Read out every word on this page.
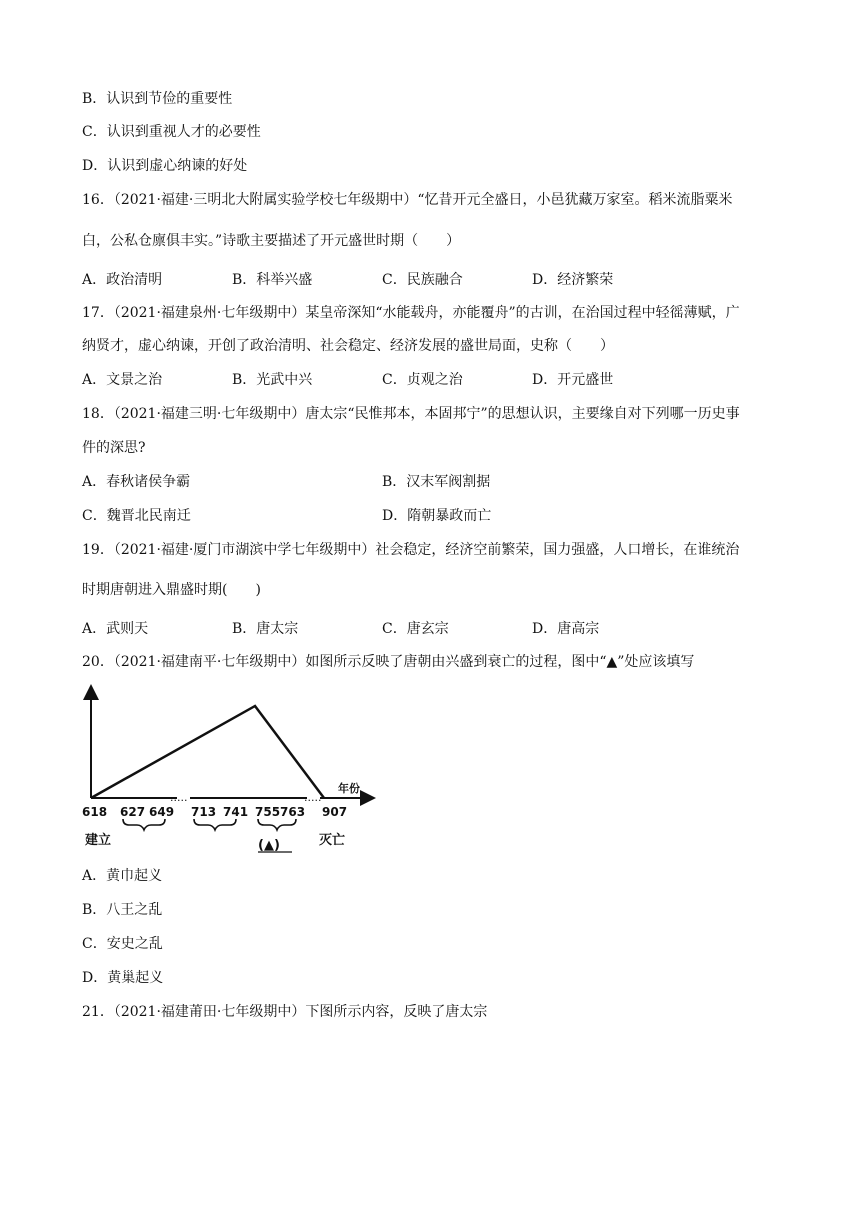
B．认识到节俭的重要性
C．认识到重视人才的必要性
D．认识到虚心纳谏的好处
16．（2021·福建·三明北大附属实验学校七年级期中）“忆昔开元全盛日，小邑犹藏万家室。稻米流脂粟米
白，公私仓廪俱丰实。”诗歌主要描述了开元盛世时期（　　）
A．政治清明	B．科举兴盛	C．民族融合	D．经济繁荣
17．（2021·福建泉州·七年级期中）某皇帝深知“水能载舟，亦能覆舟”的古训，在治国过程中轻徭薄赋，广
纳贤才，虚心纳谏，开创了政治清明、社会稳定、经济发展的盛世局面，史称（　　）
A．文景之治	B．光武中兴	C．贞观之治	D．开元盛世
18．（2021·福建三明·七年级期中）唐太宗“民惟邦本，本固邦宁”的思想认识，主要缘自对下列哪一历史事
件的深思?
A．春秋诸侯争霸	B．汉末军阀割据
C．魏晋北民南迁	D．隋朝暴政而亡
19．（2021·福建·厦门市湖滨中学七年级期中）社会稳定，经济空前繁荣，国力强盛，人口增长，在谁统治
时期唐朝进入鼎盛时期(　　)
A．武则天	B．唐太宗	C．唐玄宗	D．唐高宗
20．（2021·福建南平·七年级期中）如图所示反映了唐朝由兴盛到衰亡的过程，图中“▲”处应该填写
.....	.....
年份
618 627 649 713 741 755 763 907
建立	灭亡
(▲)
A．黄巾起义
B．八王之乱
C．安史之乱
D．黄巢起义
21．（2021·福建莆田·七年级期中）下图所示内容，反映了唐太宗
